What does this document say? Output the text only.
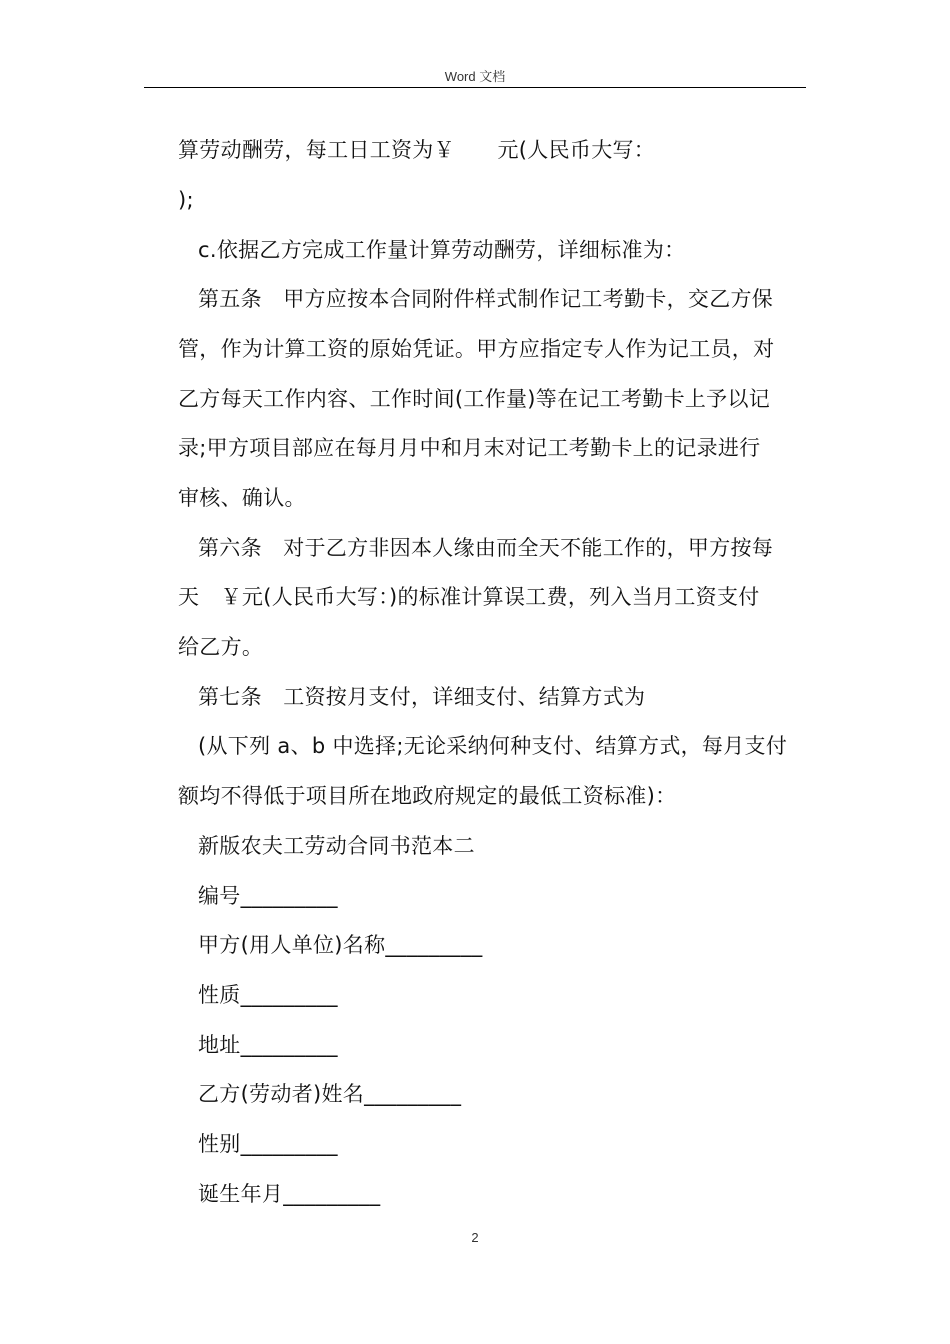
Word 文档
算劳动酬劳，每工日工资为￥　　元(人民币大写：
);
c.依据乙方完成工作量计算劳动酬劳，详细标准为：
第五条　甲方应按本合同附件样式制作记工考勤卡，交乙方保
管，作为计算工资的原始凭证。甲方应指定专人作为记工员，对
乙方每天工作内容、工作时间(工作量)等在记工考勤卡上予以记
录;甲方项目部应在每月月中和月末对记工考勤卡上的记录进行
审核、确认。
第六条　对于乙方非因本人缘由而全天不能工作的，甲方按每
天　￥元(人民币大写：)的标准计算误工费，列入当月工资支付
给乙方。
第七条　工资按月支付，详细支付、结算方式为
(从下列 a、b 中选择;无论采纳何种支付、结算方式，每月支付
额均不得低于项目所在地政府规定的最低工资标准)：
新版农夫工劳动合同书范本二
编号_________
甲方(用人单位)名称_________
性质_________
地址_________
乙方(劳动者)姓名_________
性别_________
诞生年月_________
2
